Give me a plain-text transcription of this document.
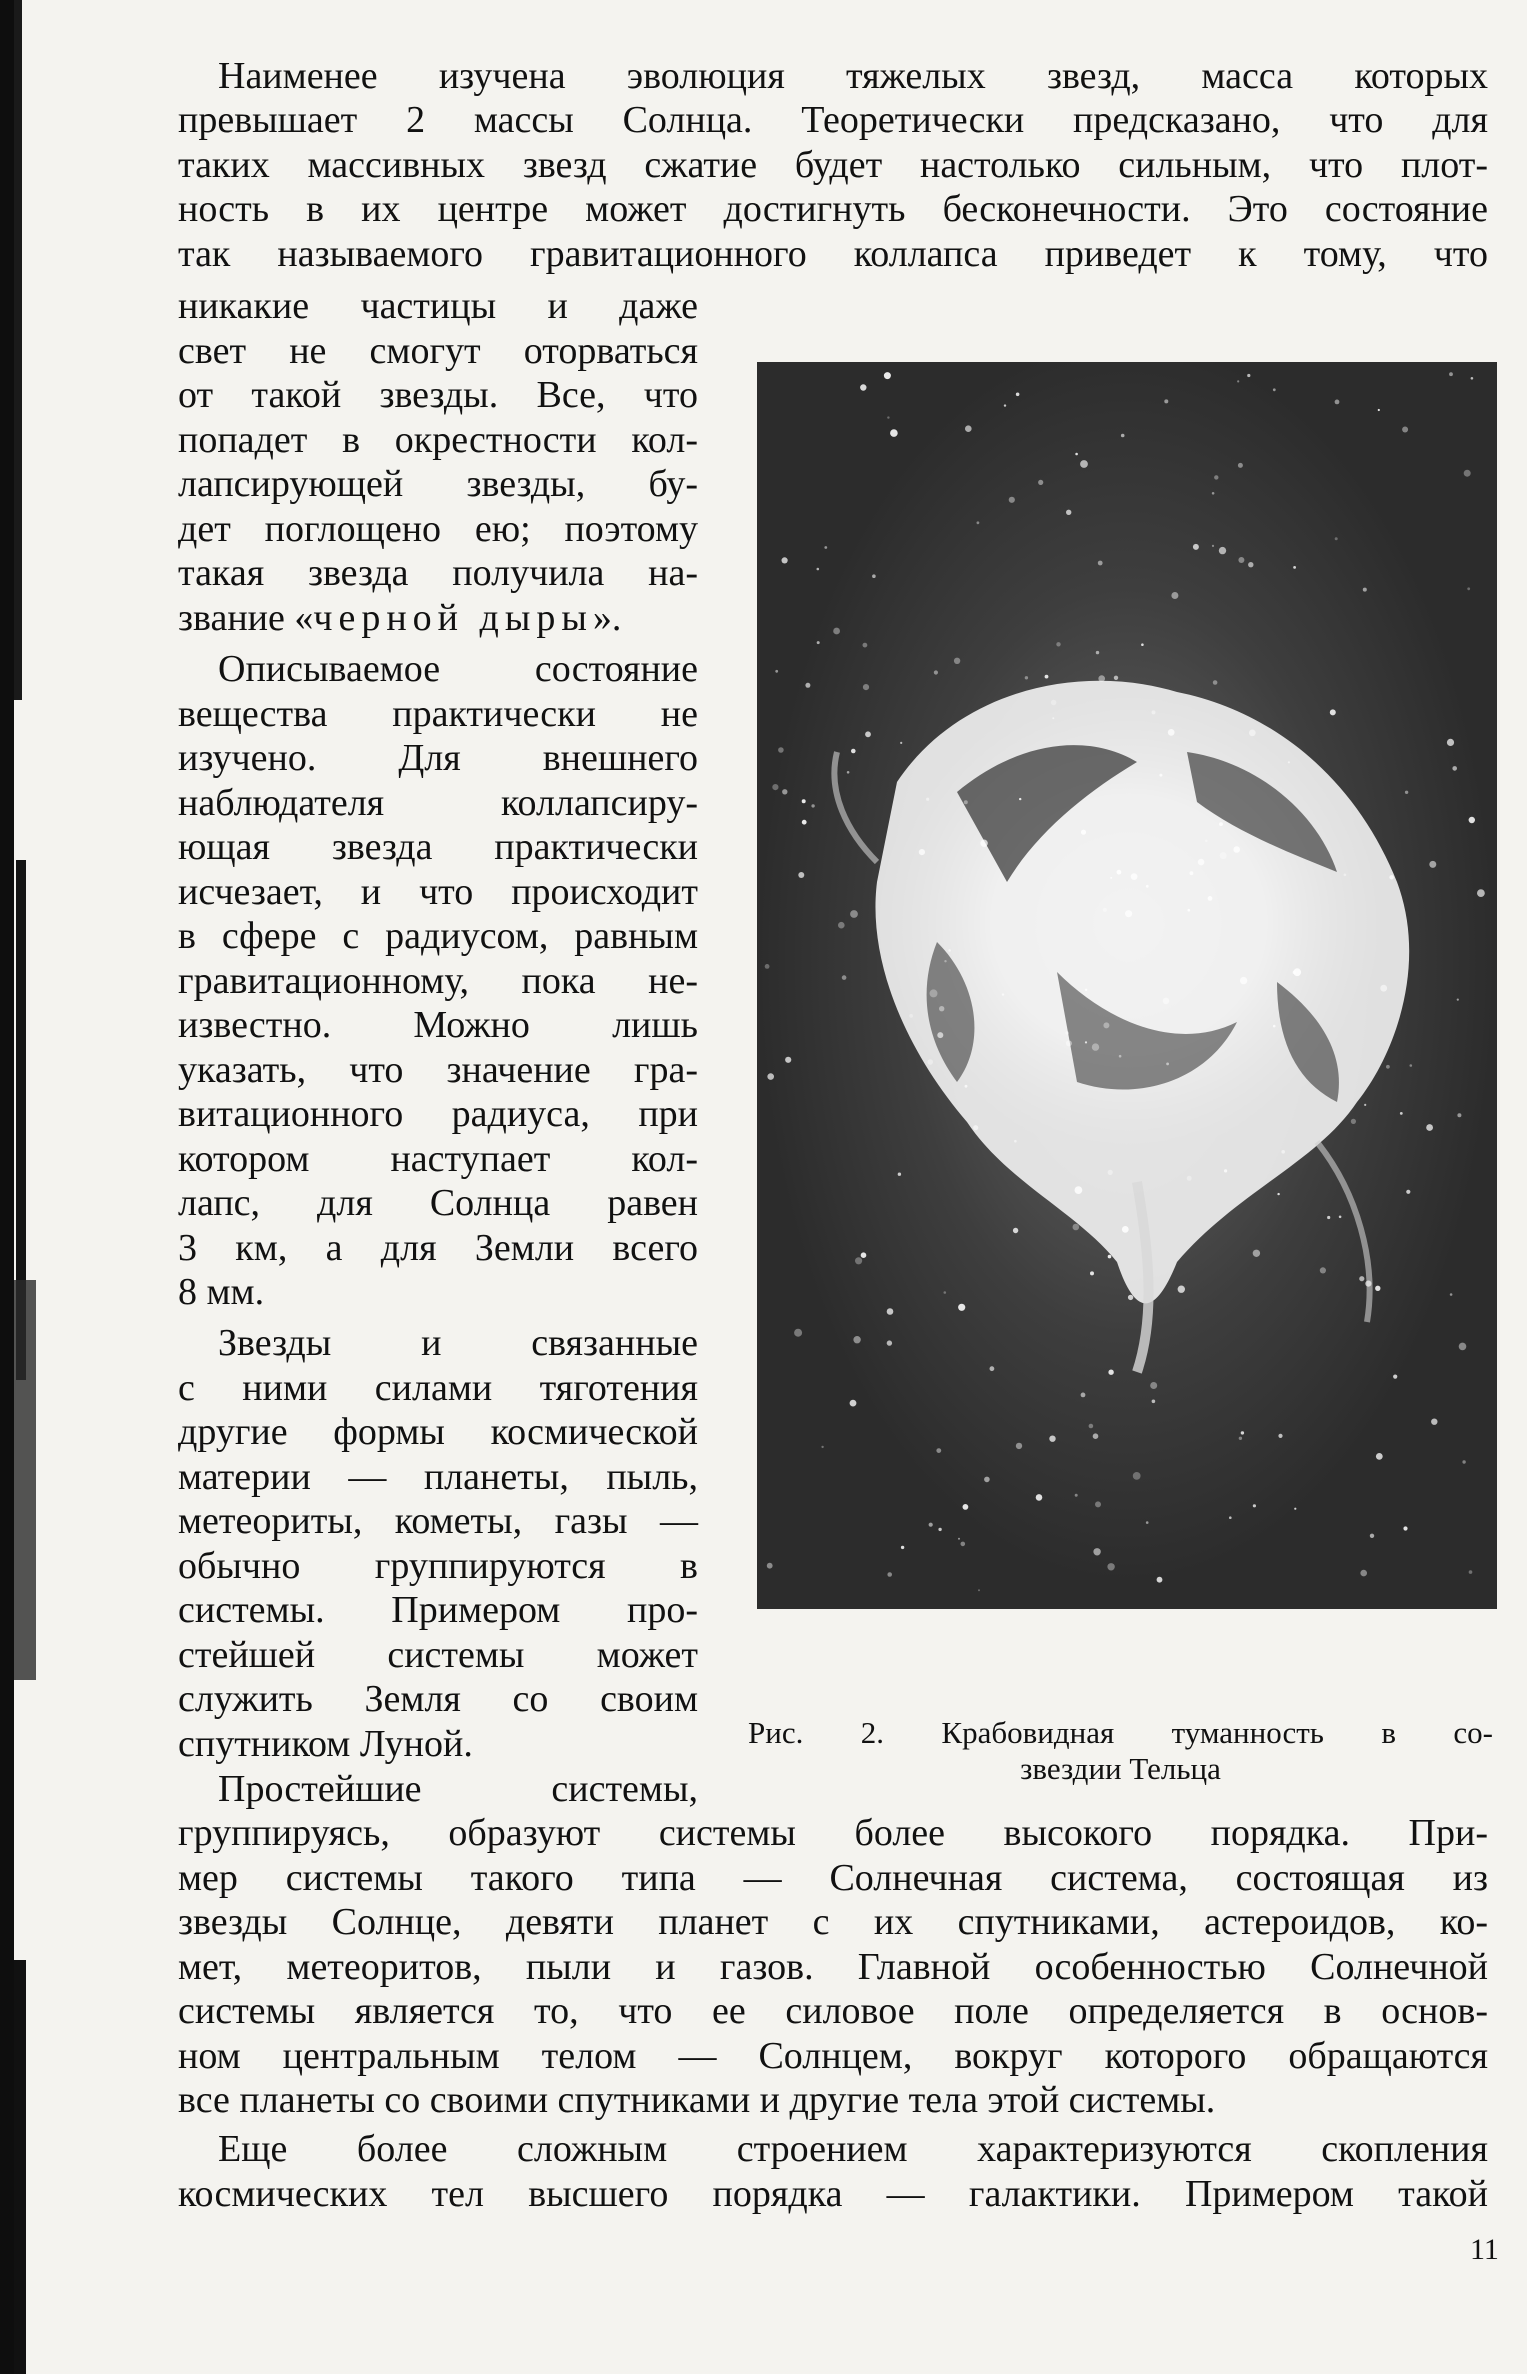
Наименее изучена эволюция тяжелых звезд, масса которых

превышает 2 массы Солнца. Теоретически предсказано, что для

таких массивных звезд сжатие будет настолько сильным, что плот-

ность в их центре может достигнуть бесконечности. Это состояние

так называемого гравитационного коллапса приведет к тому, что

никакие частицы и даже

свет не смогут оторваться

от такой звезды. Все, что

попадет в окрестности кол-

лапсирующей звезды, бу-

дет поглощено ею; поэтому

такая звезда получила на-

звание «черной дыры».

Описываемое состояние

вещества практически не

изучено. Для внешнего

наблюдателя коллапсиру-

ющая звезда практически

исчезает, и что происходит

в сфере с радиусом, равным

гравитационному, пока не-

известно. Можно лишь

указать, что значение гра-

витационного радиуса, при

котором наступает кол-

лапс, для Солнца равен

3 км, а для Земли всего

8 мм.

Звезды и связанные

с ними силами тяготения

другие формы космической

материи — планеты, пыль,

метеориты, кометы, газы —

обычно группируются в

системы. Примером про-

стейшей системы может

служить Земля со своим

спутником Луной.

Простейшие системы,

группируясь, образуют системы более высокого порядка. При-

мер системы такого типа — Солнечная система, состоящая из

звезды Солнце, девяти планет с их спутниками, астероидов, ко-

мет, метеоритов, пыли и газов. Главной особенностью Солнечной

системы является то, что ее силовое поле определяется в основ-

ном центральным телом — Солнцем, вокруг которого обращаются

все планеты со своими спутниками и другие тела этой системы.

Еще более сложным строением характеризуются скопления

космических тел высшего порядка — галактики. Примером такой

Рис. 2. Крабовидная туманность в со-

звездии Тельца

11
